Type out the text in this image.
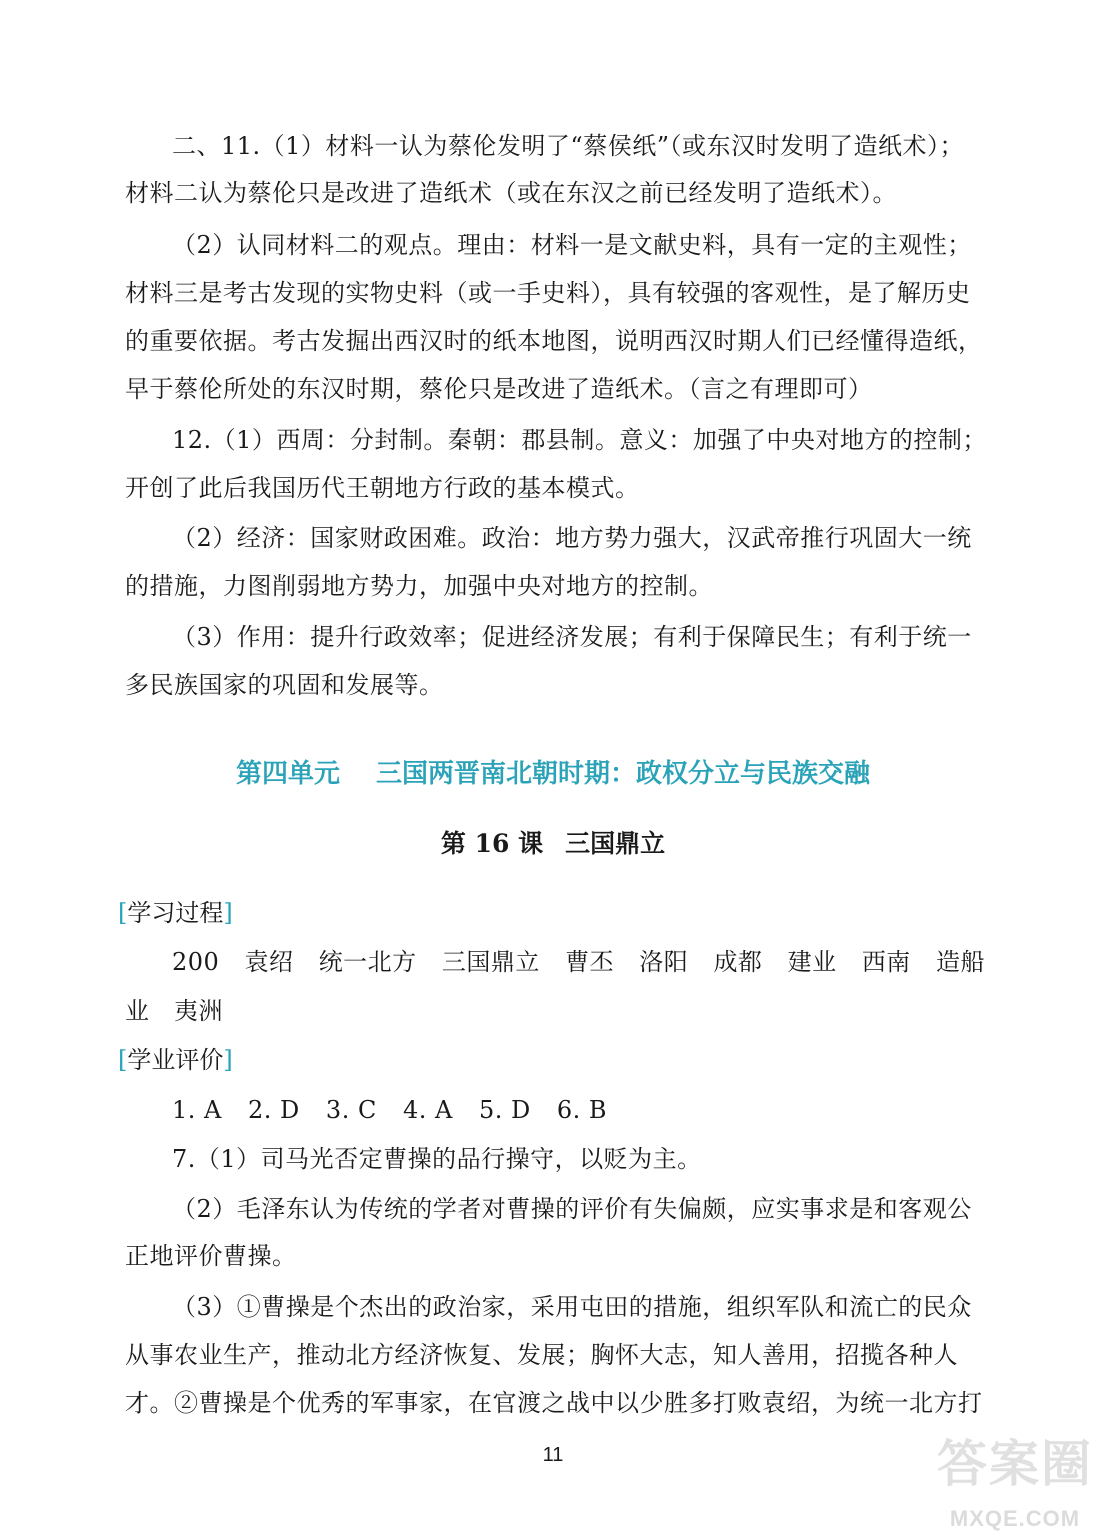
二、11.（1）材料一认为蔡伦发明了“蔡侯纸”（或东汉时发明了造纸术）；
材料二认为蔡伦只是改进了造纸术（或在东汉之前已经发明了造纸术）。
（2）认同材料二的观点。理由：材料一是文献史料，具有一定的主观性；
材料三是考古发现的实物史料（或一手史料），具有较强的客观性，是了解历史
的重要依据。考古发掘出西汉时的纸本地图，说明西汉时期人们已经懂得造纸，
早于蔡伦所处的东汉时期，蔡伦只是改进了造纸术。（言之有理即可）
12.（1）西周：分封制。秦朝：郡县制。意义：加强了中央对地方的控制；
开创了此后我国历代王朝地方行政的基本模式。
（2）经济：国家财政困难。政治：地方势力强大，汉武帝推行巩固大一统
的措施，力图削弱地方势力，加强中央对地方的控制。
（3）作用：提升行政效率；促进经济发展；有利于保障民生；有利于统一
多民族国家的巩固和发展等。
第四单元 三国两晋南北朝时期：政权分立与民族交融
第 16 课 三国鼎立
[学习过程]
200 袁绍 统一北方 三国鼎立 曹丕 洛阳 成都 建业 西南 造船
业　夷洲
[学业评价]
1. A 2. D 3. C 4. A 5. D 6. B
7.（1）司马光否定曹操的品行操守，以贬为主。
（2）毛泽东认为传统的学者对曹操的评价有失偏颇，应实事求是和客观公
正地评价曹操。
（3）①曹操是个杰出的政治家，采用屯田的措施，组织军队和流亡的民众
从事农业生产，推动北方经济恢复、发展；胸怀大志，知人善用，招揽各种人
才。②曹操是个优秀的军事家，在官渡之战中以少胜多打败袁绍，为统一北方打
11	答案圈
MXQE.COM
